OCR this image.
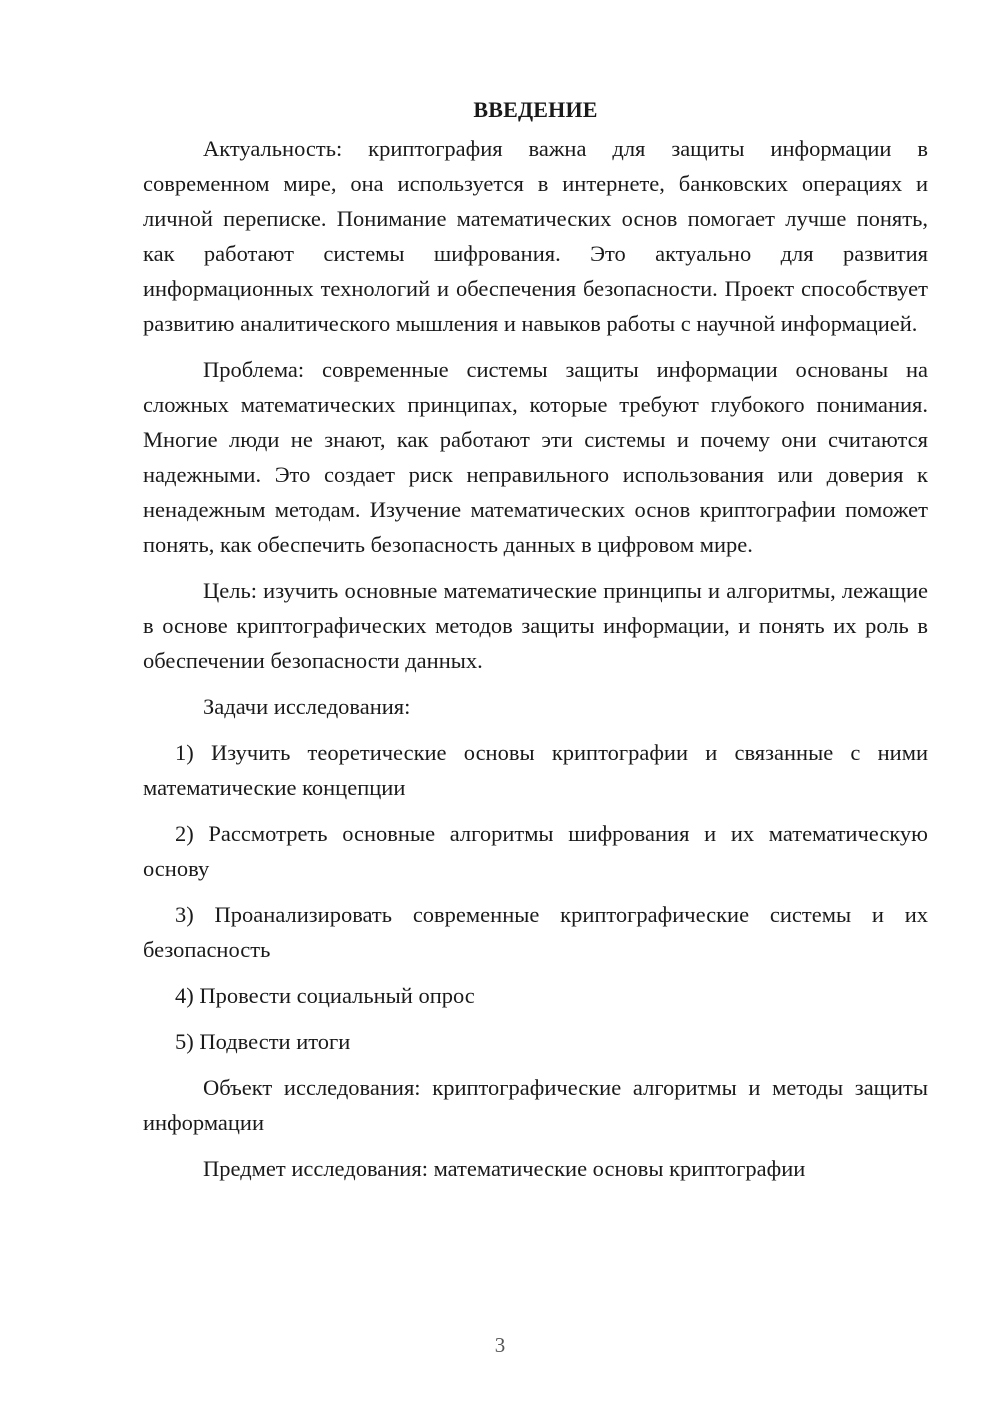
ВВЕДЕНИЕ

Актуальность: криптография важна для защиты информации в современном мире, она используется в интернете, банковских операциях и личной переписке. Понимание математических основ помогает лучше понять, как работают системы шифрования. Это актуально для развития информационных технологий и обеспечения безопасности. Проект способствует развитию аналитического мышления и навыков работы с научной информацией.

Проблема: современные системы защиты информации основаны на сложных математических принципах, которые требуют глубокого понимания. Многие люди не знают, как работают эти системы и почему они считаются надежными. Это создает риск неправильного использования или доверия к ненадежным методам. Изучение математических основ криптографии поможет понять, как обеспечить безопасность данных в цифровом мире.

Цель: изучить основные математические принципы и алгоритмы, лежащие в основе криптографических методов защиты информации, и понять их роль в обеспечении безопасности данных.

Задачи исследования:

1) Изучить теоретические основы криптографии и связанные с ними математические концепции

2) Рассмотреть основные алгоритмы шифрования и их математическую основу

3) Проанализировать современные криптографические системы и их безопасность

4) Провести социальный опрос

5) Подвести итоги

Объект исследования: криптографические алгоритмы и методы защиты информации

Предмет исследования: математические основы криптографии

3
